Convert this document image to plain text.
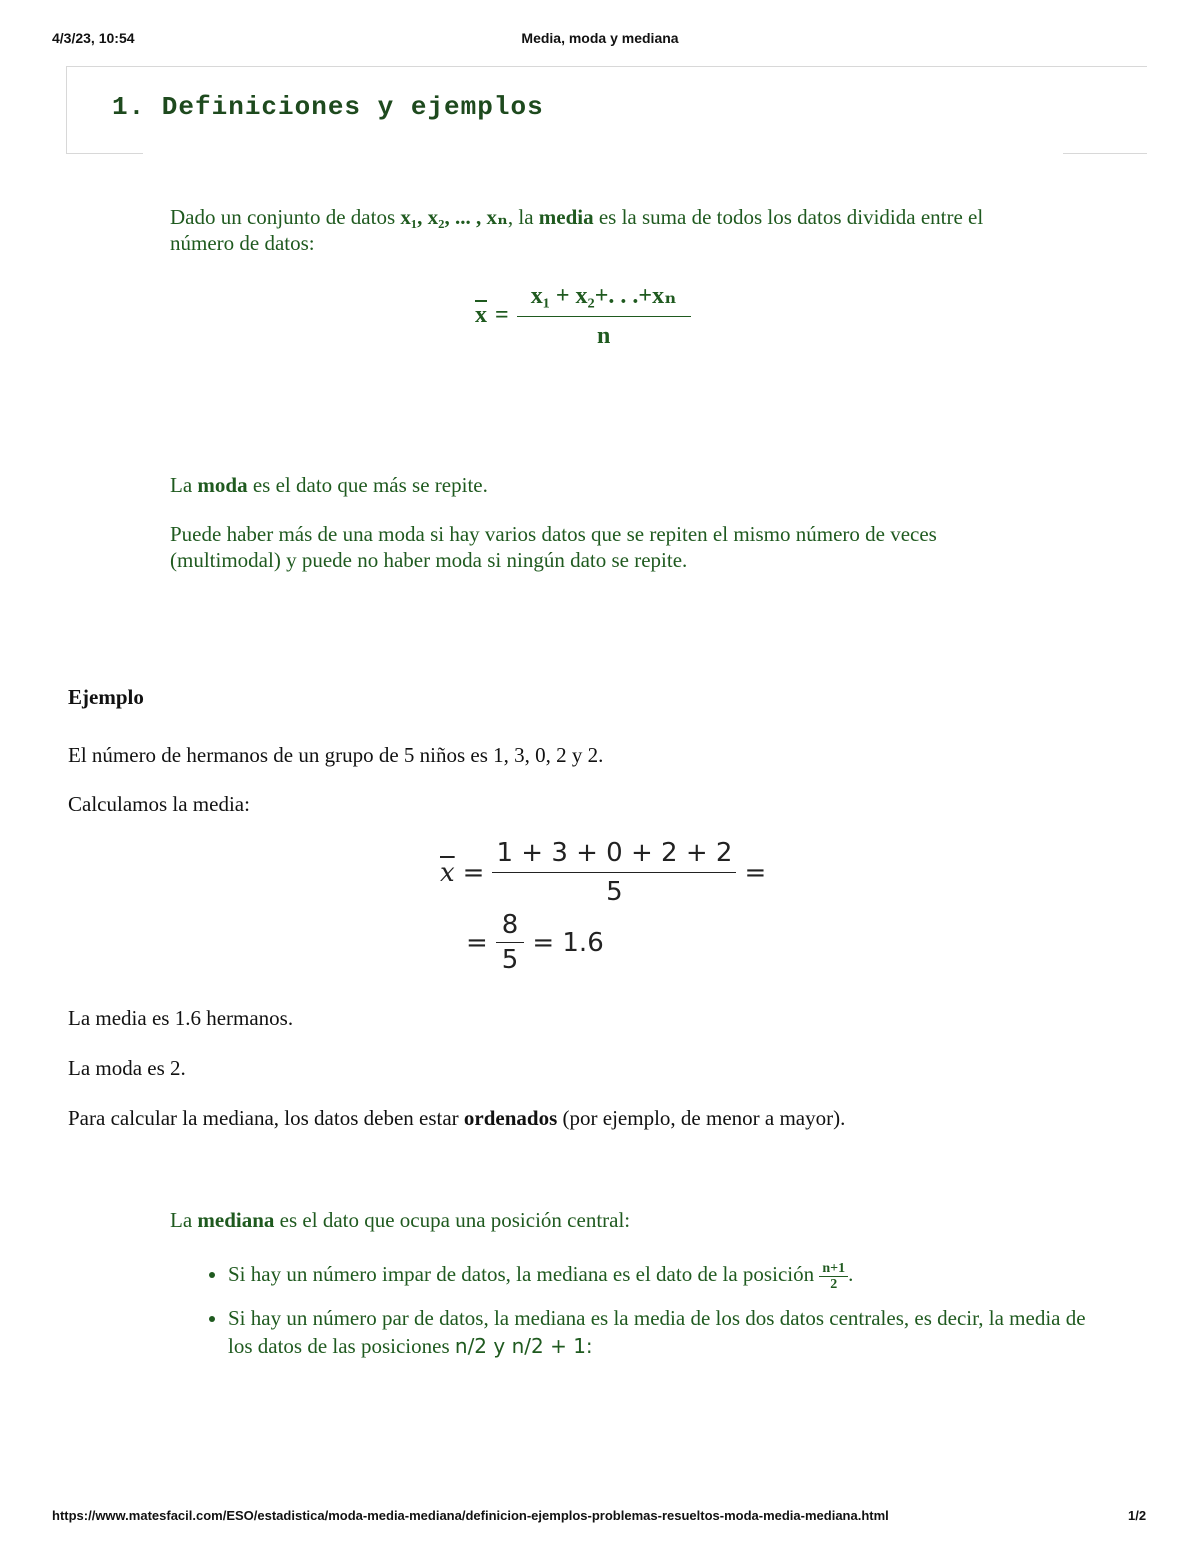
4/3/23, 10:54	Media, moda y mediana
1. Definiciones y ejemplos
Dado un conjunto de datos x₁, x₂, ... , xₙ, la media es la suma de todos los datos dividida entre el número de datos:
$\overline{x} = \frac{\text{x₁ + x₂+. . .+xₙ}}{n}$
La moda es el dato que más se repite.
Puede haber más de una moda si hay varios datos que se repiten el mismo número de veces (multimodal) y puede no haber moda si ningún dato se repite.
Ejemplo
El número de hermanos de un grupo de 5 niños es 1, 3, 0, 2 y 2.
Calculamos la media:
$\overline{x} = \frac{1 + 3 + 0 + 2 + 2}{5}$ =
= $\frac{8}{5} = 1.6$
La media es 1.6 hermanos.
La moda es 2.
Para calcular la mediana, los datos deben estar ordenados (por ejemplo, de menor a mayor).
La mediana es el dato que ocupa una posición central:
• Si hay un número impar de datos, la mediana es el dato de la posición $\frac{n+1}{2}$ .
• Si hay un número par de datos, la mediana es la media de los dos datos centrales, es decir, la media de los datos de las posiciones n/2 y n/2 + 1:
https://www.matesfacil.com/ESO/estadistica/moda-media-mediana/definicion-ejemplos-problemas-resueltos-moda-media-mediana.html	1/2
